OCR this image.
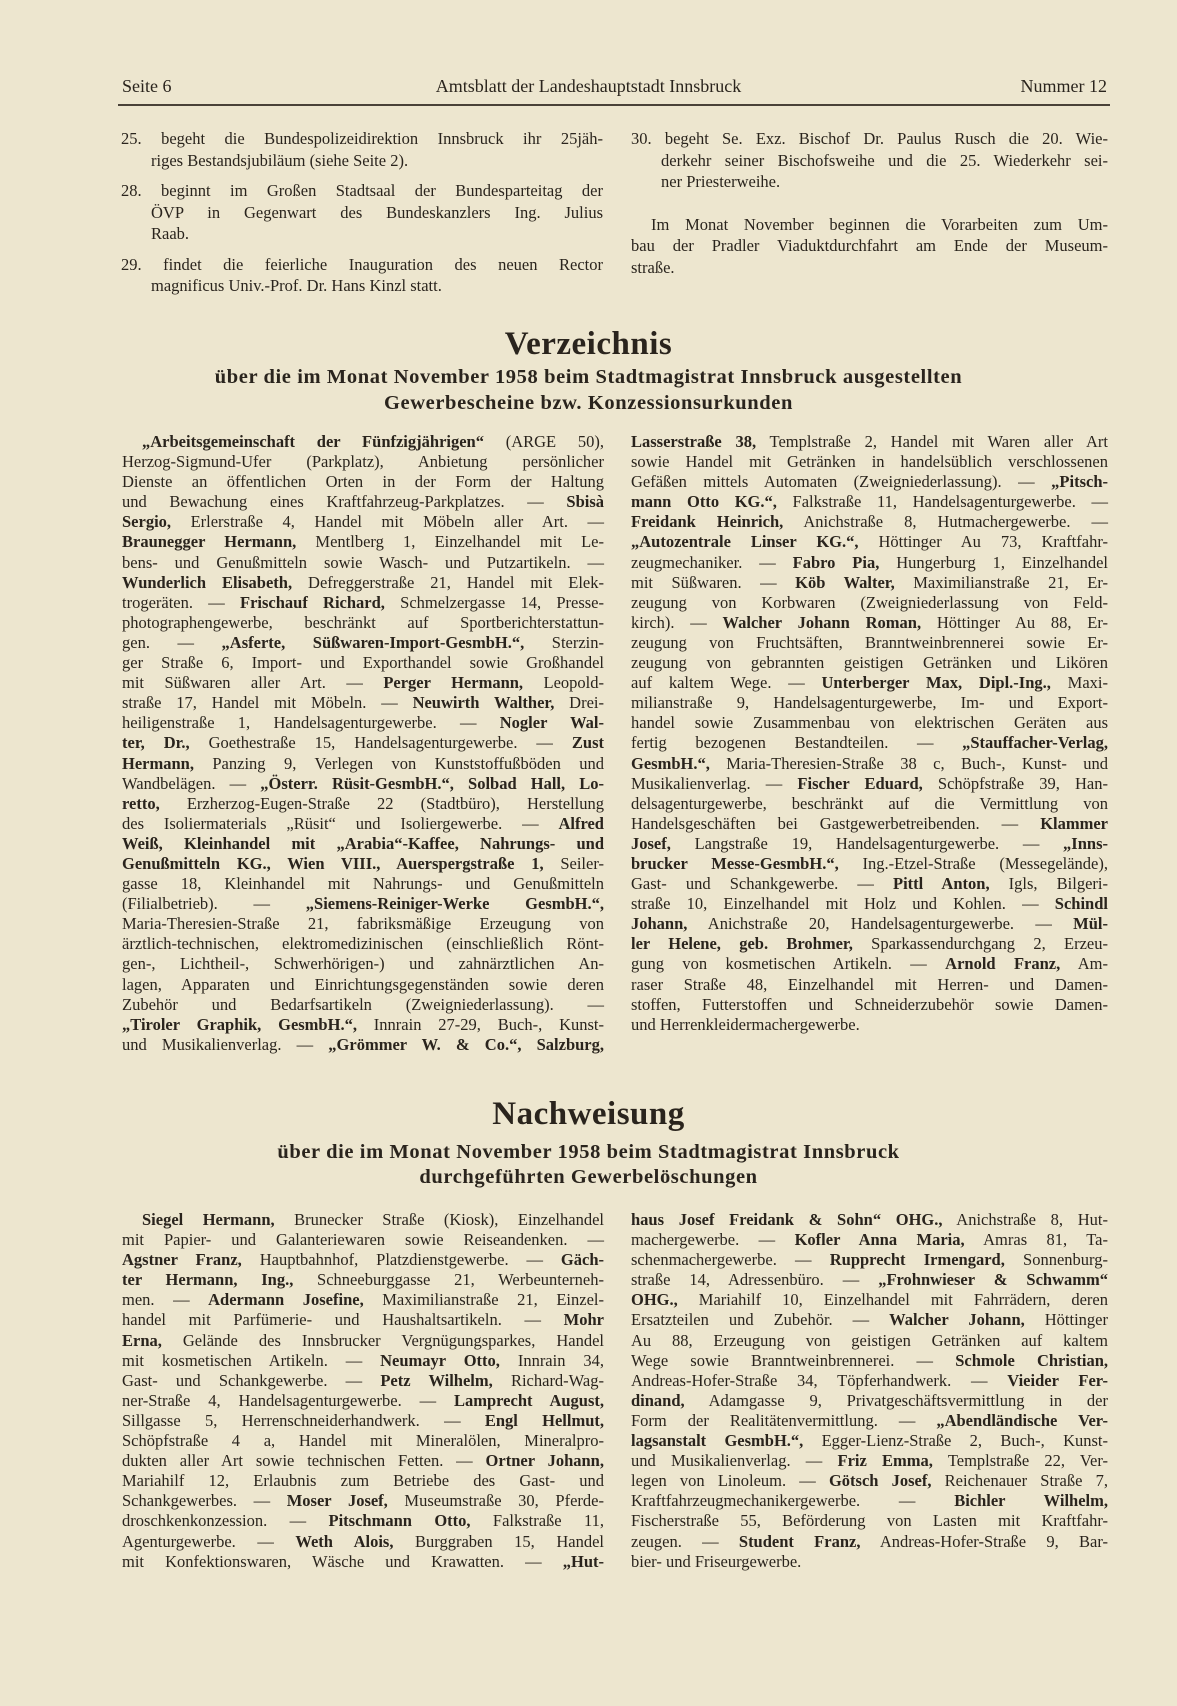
Seite 6	Amtsblatt der Landeshauptstadt Innsbruck	Nummer 12
25. begeht die Bundespolizeidirektion Innsbruck ihr 25jäh-
riges Bestandsjubiläum (siehe Seite 2).
28. beginnt im Großen Stadtsaal der Bundesparteitag der
ÖVP in Gegenwart des Bundeskanzlers Ing. Julius
Raab.
29. findet die feierliche Inauguration des neuen Rector
magnificus Univ.-Prof. Dr. Hans Kinzl statt.
30. begeht Se. Exz. Bischof Dr. Paulus Rusch die 20. Wie-
derkehr seiner Bischofsweihe und die 25. Wiederkehr sei-
ner Priesterweihe.
Im Monat November beginnen die Vorarbeiten zum Um-
bau der Pradler Viaduktdurchfahrt am Ende der Museum-
straße.
Verzeichnis
über die im Monat November 1958 beim Stadtmagistrat Innsbruck ausgestellten
Gewerbescheine bzw. Konzessionsurkunden
„Arbeitsgemeinschaft der Fünfzigjährigen“ (ARGE 50),
Herzog-Sigmund-Ufer (Parkplatz), Anbietung persönlicher
Dienste an öffentlichen Orten in der Form der Haltung
und Bewachung eines Kraftfahrzeug-Parkplatzes. — Sbisà
Sergio, Erlerstraße 4, Handel mit Möbeln aller Art. —
Braunegger Hermann, Mentlberg 1, Einzelhandel mit Le-
bens- und Genußmitteln sowie Wasch- und Putzartikeln. —
Wunderlich Elisabeth, Defreggerstraße 21, Handel mit Elek-
trogeräten. — Frischauf Richard, Schmelzergasse 14, Presse-
photographengewerbe, beschränkt auf Sportberichterstattun-
gen. — „Asferte, Süßwaren-Import-GesmbH.“, Sterzin-
ger Straße 6, Import- und Exporthandel sowie Großhandel
mit Süßwaren aller Art. — Perger Hermann, Leopold-
straße 17, Handel mit Möbeln. — Neuwirth Walther, Drei-
heiligenstraße 1, Handelsagenturgewerbe. — Nogler Wal-
ter, Dr., Goethestraße 15, Handelsagenturgewerbe. — Zust
Hermann, Panzing 9, Verlegen von Kunststoffußböden und
Wandbelägen. — „Österr. Rüsit-GesmbH.“, Solbad Hall, Lo-
retto, Erzherzog-Eugen-Straße 22 (Stadtbüro), Herstellung
des Isoliermaterials „Rüsit“ und Isoliergewerbe. — Alfred
Weiß, Kleinhandel mit „Arabia“-Kaffee, Nahrungs- und
Genußmitteln KG., Wien VIII., Auerspergstraße 1, Seiler-
gasse 18, Kleinhandel mit Nahrungs- und Genußmitteln
(Filialbetrieb). — „Siemens-Reiniger-Werke GesmbH.“,
Maria-Theresien-Straße 21, fabriksmäßige Erzeugung von
ärztlich-technischen, elektromedizinischen (einschließlich Rönt-
gen-, Lichtheil-, Schwerhörigen-) und zahnärztlichen An-
lagen, Apparaten und Einrichtungsgegenständen sowie deren
Zubehör und Bedarfsartikeln (Zweigniederlassung). —
„Tiroler Graphik, GesmbH.“, Innrain 27-29, Buch-, Kunst-
und Musikalienverlag. — „Grömmer W. & Co.“, Salzburg,
Lasserstraße 38, Templstraße 2, Handel mit Waren aller Art
sowie Handel mit Getränken in handelsüblich verschlossenen
Gefäßen mittels Automaten (Zweigniederlassung). — „Pitsch-
mann Otto KG.“, Falkstraße 11, Handelsagenturgewerbe. —
Freidank Heinrich, Anichstraße 8, Hutmachergewerbe. —
„Autozentrale Linser KG.“, Höttinger Au 73, Kraftfahr-
zeugmechaniker. — Fabro Pia, Hungerburg 1, Einzelhandel
mit Süßwaren. — Köb Walter, Maximilianstraße 21, Er-
zeugung von Korbwaren (Zweigniederlassung von Feld-
kirch). — Walcher Johann Roman, Höttinger Au 88, Er-
zeugung von Fruchtsäften, Branntweinbrennerei sowie Er-
zeugung von gebrannten geistigen Getränken und Likören
auf kaltem Wege. — Unterberger Max, Dipl.-Ing., Maxi-
milianstraße 9, Handelsagenturgewerbe, Im- und Export-
handel sowie Zusammenbau von elektrischen Geräten aus
fertig bezogenen Bestandteilen. — „Stauffacher-Verlag,
GesmbH.“, Maria-Theresien-Straße 38 c, Buch-, Kunst- und
Musikalienverlag. — Fischer Eduard, Schöpfstraße 39, Han-
delsagenturgewerbe, beschränkt auf die Vermittlung von
Handelsgeschäften bei Gastgewerbetreibenden. — Klammer
Josef, Langstraße 19, Handelsagenturgewerbe. — „Inns-
brucker Messe-GesmbH.“, Ing.-Etzel-Straße (Messegelände),
Gast- und Schankgewerbe. — Pittl Anton, Igls, Bilgeri-
straße 10, Einzelhandel mit Holz und Kohlen. — Schindl
Johann, Anichstraße 20, Handelsagenturgewerbe. — Mül-
ler Helene, geb. Brohmer, Sparkassendurchgang 2, Erzeu-
gung von kosmetischen Artikeln. — Arnold Franz, Am-
raser Straße 48, Einzelhandel mit Herren- und Damen-
stoffen, Futterstoffen und Schneiderzubehör sowie Damen-
und Herrenkleidermachergewerbe.
Nachweisung
über die im Monat November 1958 beim Stadtmagistrat Innsbruck
durchgeführten Gewerbelöschungen
Siegel Hermann, Brunecker Straße (Kiosk), Einzelhandel
mit Papier- und Galanteriewaren sowie Reiseandenken. —
Agstner Franz, Hauptbahnhof, Platzdienstgewerbe. — Gäch-
ter Hermann, Ing., Schneeburggasse 21, Werbeunterneh-
men. — Adermann Josefine, Maximilianstraße 21, Einzel-
handel mit Parfümerie- und Haushaltsartikeln. — Mohr
Erna, Gelände des Innsbrucker Vergnügungsparkes, Handel
mit kosmetischen Artikeln. — Neumayr Otto, Innrain 34,
Gast- und Schankgewerbe. — Petz Wilhelm, Richard-Wag-
ner-Straße 4, Handelsagenturgewerbe. — Lamprecht August,
Sillgasse 5, Herrenschneiderhandwerk. — Engl Hellmut,
Schöpfstraße 4 a, Handel mit Mineralölen, Mineralpro-
dukten aller Art sowie technischen Fetten. — Ortner Johann,
Mariahilf 12, Erlaubnis zum Betriebe des Gast- und
Schankgewerbes. — Moser Josef, Museumstraße 30, Pferde-
droschkenkonzession. — Pitschmann Otto, Falkstraße 11,
Agenturgewerbe. — Weth Alois, Burggraben 15, Handel
mit Konfektionswaren, Wäsche und Krawatten. — „Hut-
haus Josef Freidank & Sohn“ OHG., Anichstraße 8, Hut-
machergewerbe. — Kofler Anna Maria, Amras 81, Ta-
schenmachergewerbe. — Rupprecht Irmengard, Sonnenburg-
straße 14, Adressenbüro. — „Frohnwieser & Schwamm“
OHG., Mariahilf 10, Einzelhandel mit Fahrrädern, deren
Ersatzteilen und Zubehör. — Walcher Johann, Höttinger
Au 88, Erzeugung von geistigen Getränken auf kaltem
Wege sowie Branntweinbrennerei. — Schmole Christian,
Andreas-Hofer-Straße 34, Töpferhandwerk. — Vieider Fer-
dinand, Adamgasse 9, Privatgeschäftsvermittlung in der
Form der Realitätenvermittlung. — „Abendländische Ver-
lagsanstalt GesmbH.“, Egger-Lienz-Straße 2, Buch-, Kunst-
und Musikalienverlag. — Friz Emma, Templstraße 22, Ver-
legen von Linoleum. — Götsch Josef, Reichenauer Straße 7,
Kraftfahrzeugmechanikergewerbe. — Bichler Wilhelm,
Fischerstraße 55, Beförderung von Lasten mit Kraftfahr-
zeugen. — Student Franz, Andreas-Hofer-Straße 9, Bar-
bier- und Friseurgewerbe.
